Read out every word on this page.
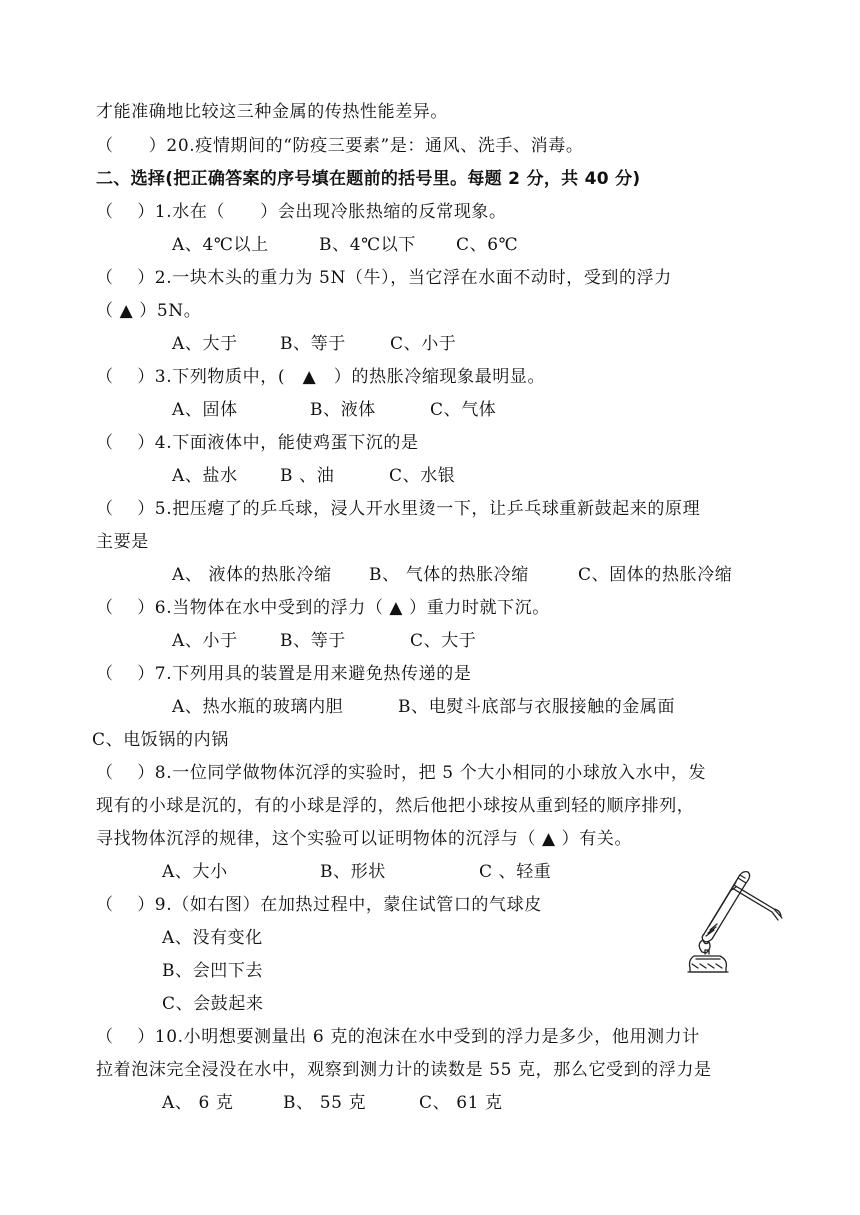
才能准确地比较这三种金属的传热性能差异。
（　　）20.疫情期间的“防疫三要素”是：通风、洗手、消毒。
二、选择(把正确答案的序号填在题前的括号里。每题 2 分，共 40 分)
（　 ）1.水在（　　）会出现冷胀热缩的反常现象。
A、4℃以上	B、4℃以下 C、6℃
（　 ）2.一块木头的重力为 5N（牛），当它浮在水面不动时，受到的浮力
（ ▲ ）5N。
A、大于 B、等于	C、小于
（　 ）3.下列物质中，(　▲　）的热胀冷缩现象最明显。
A、固体	B、液体	C、气体
（　 ）4.下面液体中，能使鸡蛋下沉的是
A、盐水 B 、油	C、水银
（　 ）5.把压瘪了的乒乓球，浸人开水里烫一下，让乒乓球重新鼓起来的原理
主要是
A、 液体的热胀冷缩 B、 气体的热胀冷缩	C、固体的热胀冷缩
（　 ）6.当物体在水中受到的浮力（ ▲ ）重力时就下沉。
A、小于 B、等于	C、大于
（　 ）7.下列用具的装置是用来避免热传递的是
A、热水瓶的玻璃内胆	B、电熨斗底部与衣服接触的金属面
C、电饭锅的内锅
（　 ）8.一位同学做物体沉浮的实验时，把 5 个大小相同的小球放入水中，发
现有的小球是沉的，有的小球是浮的，然后他把小球按从重到轻的顺序排列，
寻找物体沉浮的规律，这个实验可以证明物体的沉浮与（ ▲ ）有关。
A、大小	B、形状	C 、轻重
（　 ）9.（如右图）在加热过程中，蒙住试管口的气球皮
A、没有变化
B、会凹下去
C、会鼓起来
（　 ）10.小明想要测量出 6 克的泡沫在水中受到的浮力是多少，他用测力计
拉着泡沫完全浸没在水中，观察到测力计的读数是 55 克，那么它受到的浮力是
A、 6 克	B、 55 克	C、 61 克
